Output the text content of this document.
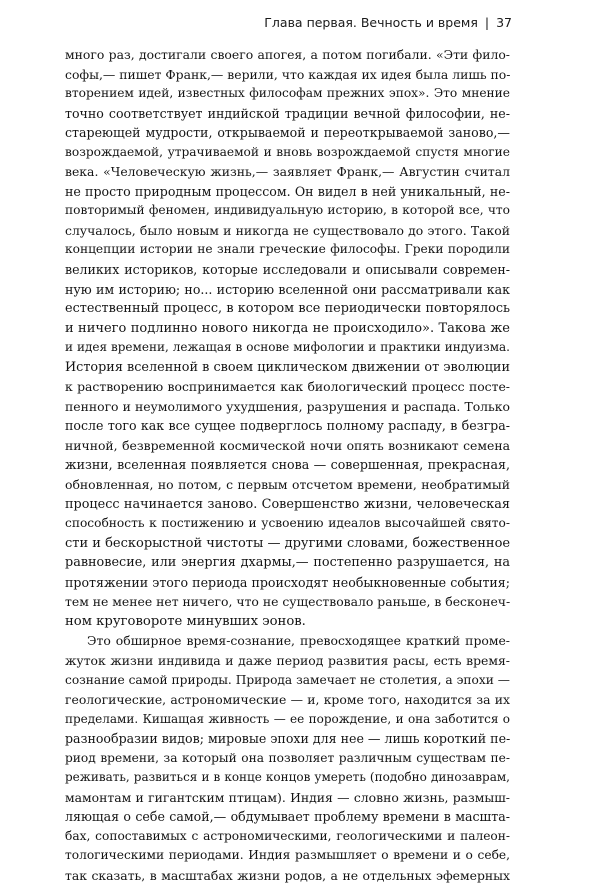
Глава первая. Вечность и время | 37
много раз, достигали своего апогея, а потом погибали. «Эти фило-
софы,— пишет Франк,— верили, что каждая их идея была лишь по-
вторением идей, известных философам прежних эпох». Это мнение
точно соответствует индийской традиции вечной философии, не-
стареющей мудрости, открываемой и переоткрываемой заново,—
возрождаемой, утрачиваемой и вновь возрождаемой спустя многие
века. «Человеческую жизнь,— заявляет Франк,— Августин считал
не просто природным процессом. Он видел в ней уникальный, не-
повторимый феномен, индивидуальную историю, в которой все, что
случалось, было новым и никогда не существовало до этого. Такой
концепции истории не знали греческие философы. Греки породили
великих историков, которые исследовали и описывали современ-
ную им историю; но... историю вселенной они рассматривали как
естественный процесс, в котором все периодически повторялось
и ничего подлинно нового никогда не происходило». Такова же
и идея времени, лежащая в основе мифологии и практики индуизма.
История вселенной в своем циклическом движении от эволюции
к растворению воспринимается как биологический процесс посте-
пенного и неумолимого ухудшения, разрушения и распада. Только
после того как все сущее подверглось полному распаду, в безгра-
ничной, безвременной космической ночи опять возникают семена
жизни, вселенная появляется снова — совершенная, прекрасная,
обновленная, но потом, с первым отсчетом времени, необратимый
процесс начинается заново. Совершенство жизни, человеческая
способность к постижению и усвоению идеалов высочайшей свято-
сти и бескорыстной чистоты — другими словами, божественное
равновесие, или энергия дхармы,— постепенно разрушается, на
протяжении этого периода происходят необыкновенные события;
тем не менее нет ничего, что не существовало раньше, в бесконеч-
ном круговороте минувших эонов.
Это обширное время-сознание, превосходящее краткий проме-
жуток жизни индивида и даже период развития расы, есть время-
сознание самой природы. Природа замечает не столетия, а эпохи —
геологические, астрономические — и, кроме того, находится за их
пределами. Кишащая живность — ее порождение, и она заботится о
разнообразии видов; мировые эпохи для нее — лишь короткий пе-
риод времени, за который она позволяет различным существам пе-
реживать, развиться и в конце концов умереть (подобно динозаврам,
мамонтам и гигантским птицам). Индия — словно жизнь, размыш-
ляющая о себе самой,— обдумывает проблему времени в масшта-
бах, сопоставимых с астрономическими, геологическими и палеон-
тологическими периодами. Индия размышляет о времени и о себе,
так сказать, в масштабах жизни родов, а не отдельных эфемерных
